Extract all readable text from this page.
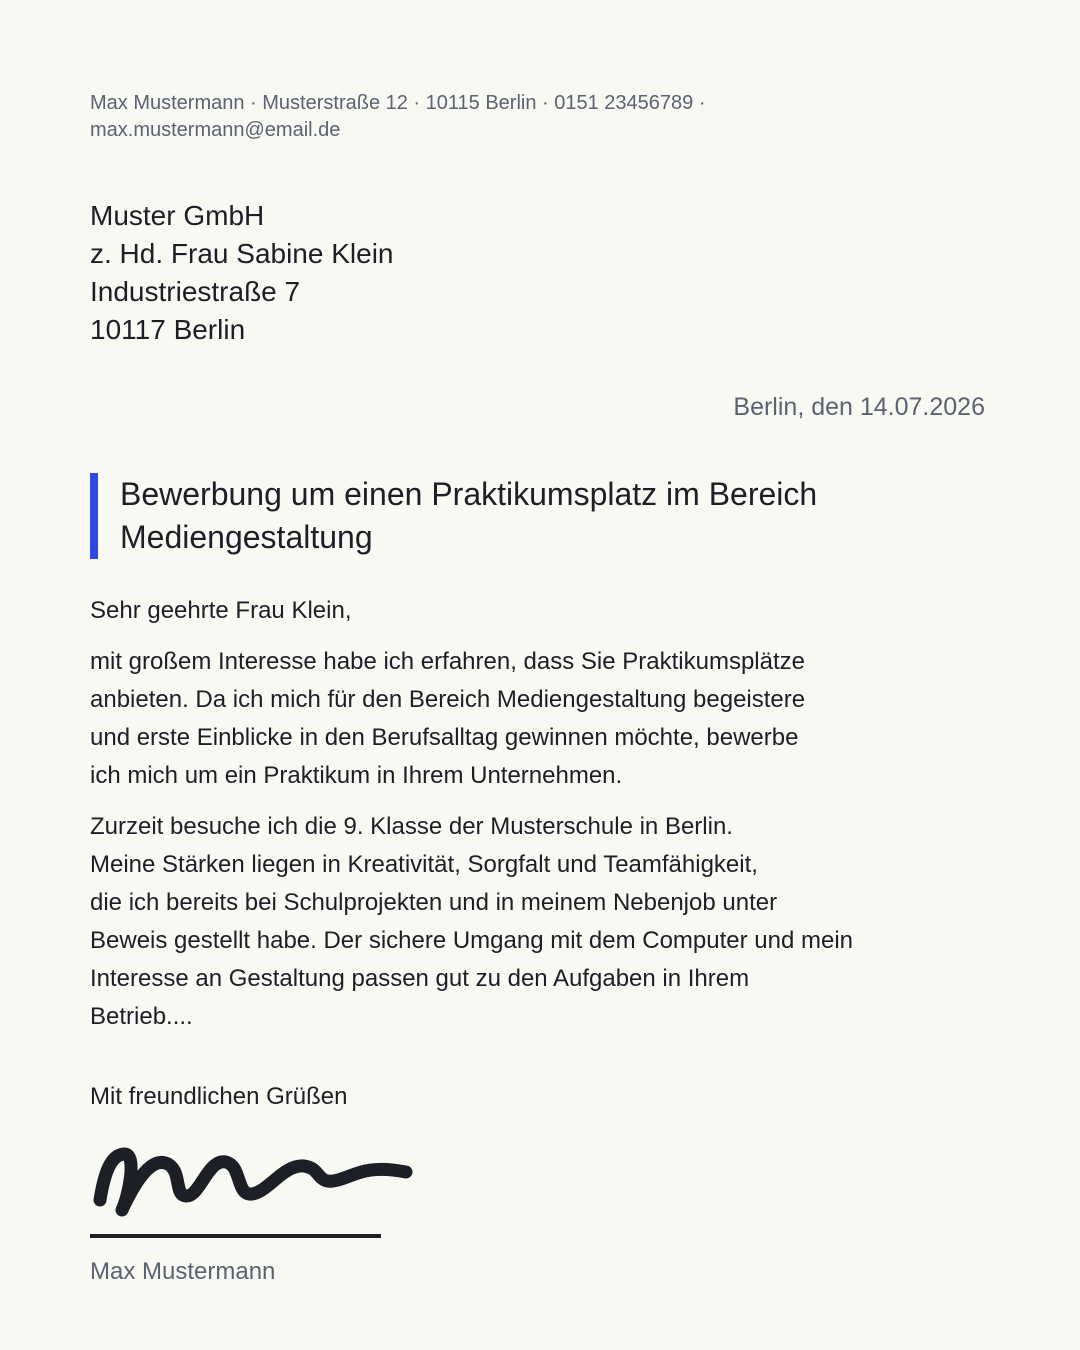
Max Mustermann · Musterstraße 12 · 10115 Berlin · 0151 23456789 ·
max.mustermann@email.de
Muster GmbH
z. Hd. Frau Sabine Klein
Industriestraße 7
10117 Berlin
Berlin, den 14.07.2026
Bewerbung um einen Praktikumsplatz im Bereich
Mediengestaltung
Sehr geehrte Frau Klein,
mit großem Interesse habe ich erfahren, dass Sie Praktikumsplätze
anbieten. Da ich mich für den Bereich Mediengestaltung begeistere
und erste Einblicke in den Berufsalltag gewinnen möchte, bewerbe
ich mich um ein Praktikum in Ihrem Unternehmen.
Zurzeit besuche ich die 9. Klasse der Musterschule in Berlin.
Meine Stärken liegen in Kreativität, Sorgfalt und Teamfähigkeit,
die ich bereits bei Schulprojekten und in meinem Nebenjob unter
Beweis gestellt habe. Der sichere Umgang mit dem Computer und mein
Interesse an Gestaltung passen gut zu den Aufgaben in Ihrem
Betrieb....
Mit freundlichen Grüßen
Max Mustermann
